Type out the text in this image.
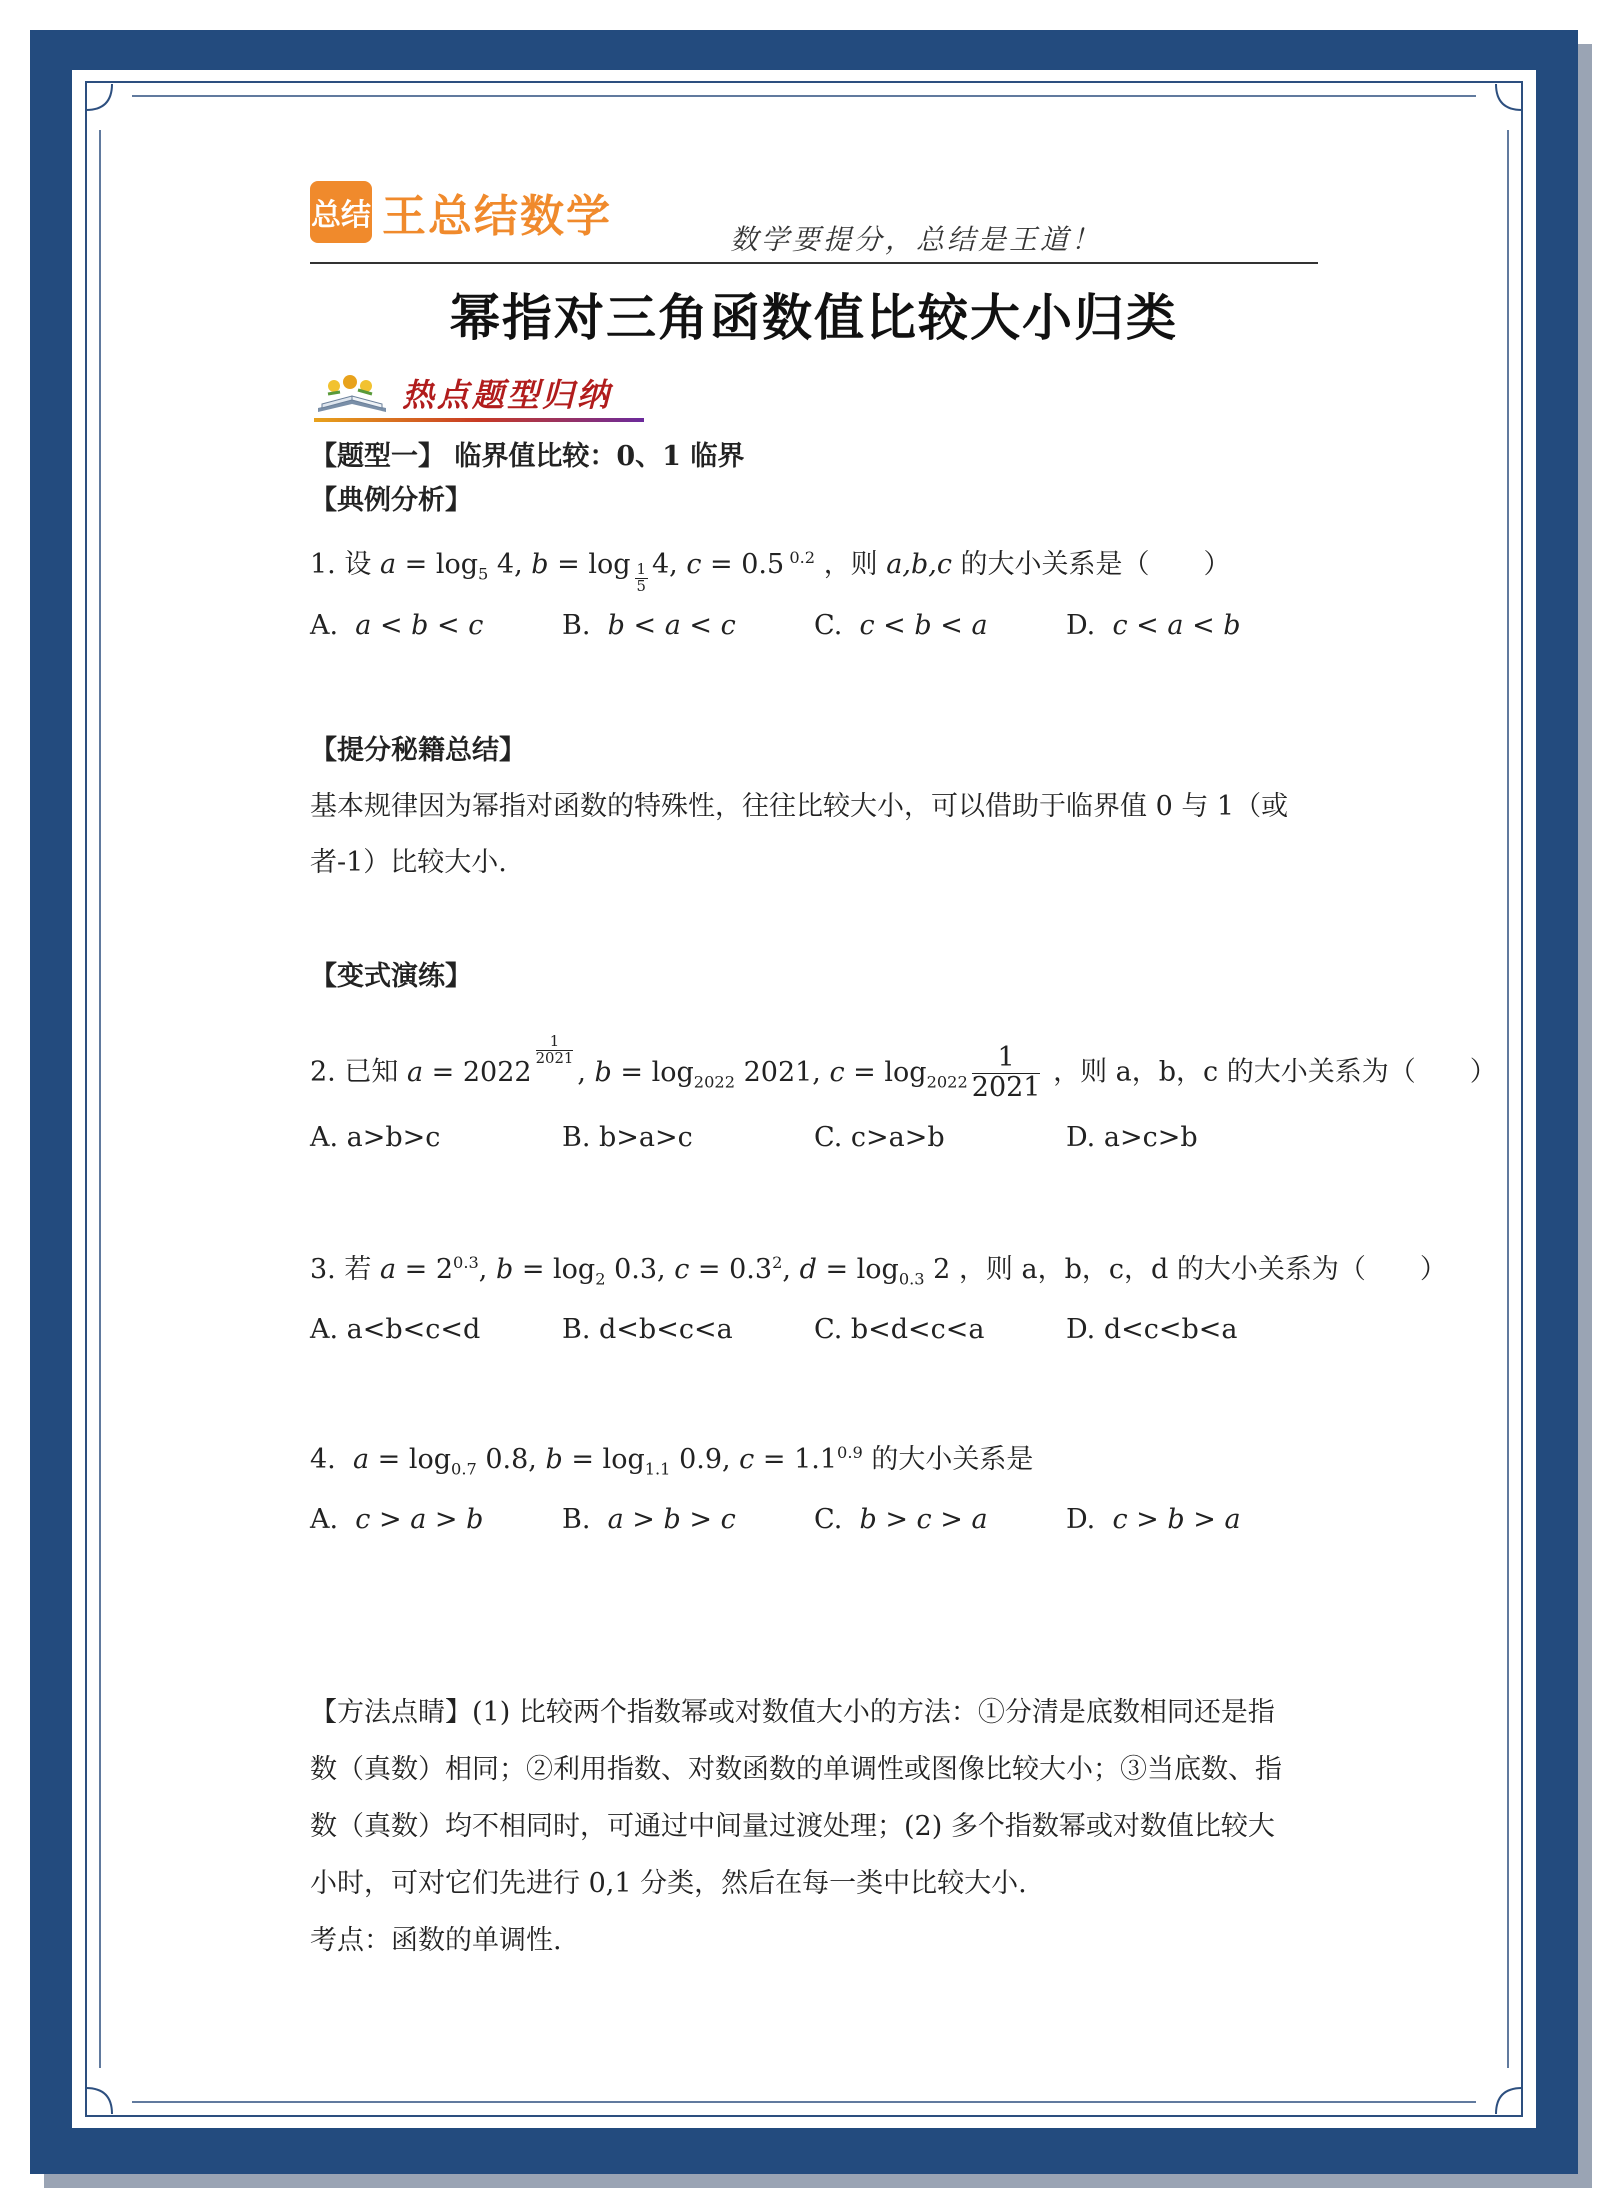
总结 王总结数学	数学要提分，总结是王道！
幂指对三角函数值比较大小归类
热点题型归纳
【题型一】 临界值比较：0、1 临界
【典例分析】
1. 设 $a = \log_5 4$, $b = \log \frac{1}{5} 4$, c = 0.5 $^{0.2}$ ，则 a,b,c 的大小关系是（　　）
A. a < b < c	B. b < a < c	C. c < b < a	D. c < a < b
【提分秘籍总结】
基本规律因为幂指对函数的特殊性，往往比较大小，可以借助于临界值 0 与 1（或
者-1）比较大小.
【变式演练】
2. 已知 a = 2022
$\frac{1}{2021}$
, $b = \log_{2022} 2021$, $c = \log_{2022} \frac{1}{2021}$ ，则 a，b，c 的大小关系为（　　）
A. a>b>c	B. b>a>c	C. c>a>b	D. a>c>b
3. 若 $a = 2^{0.3}$, $b = \log_2 0.3$, $c = 0.3^2$, $d = \log_{0.3} 2$ ，则 a，b，c，d 的大小关系为（　　）
A. a<b<c<d	B. d<b<c<a	C. b<d<c<a	D. d<c<b<a
4. $a = \log_{0.7} 0.8$, $b = \log_{1.1} 0.9$, $c = 1.1^{0.9}$ 的大小关系是
A. c > a > b	B. a > b > c	C. b > c > a	D. c > b > a
【方法点睛】(1) 比较两个指数幂或对数值大小的方法：①分清是底数相同还是指
数（真数）相同；②利用指数、对数函数的单调性或图像比较大小；③当底数、指
数（真数）均不相同时，可通过中间量过渡处理；(2) 多个指数幂或对数值比较大
小时，可对它们先进行 0,1 分类，然后在每一类中比较大小.
考点：函数的单调性.
